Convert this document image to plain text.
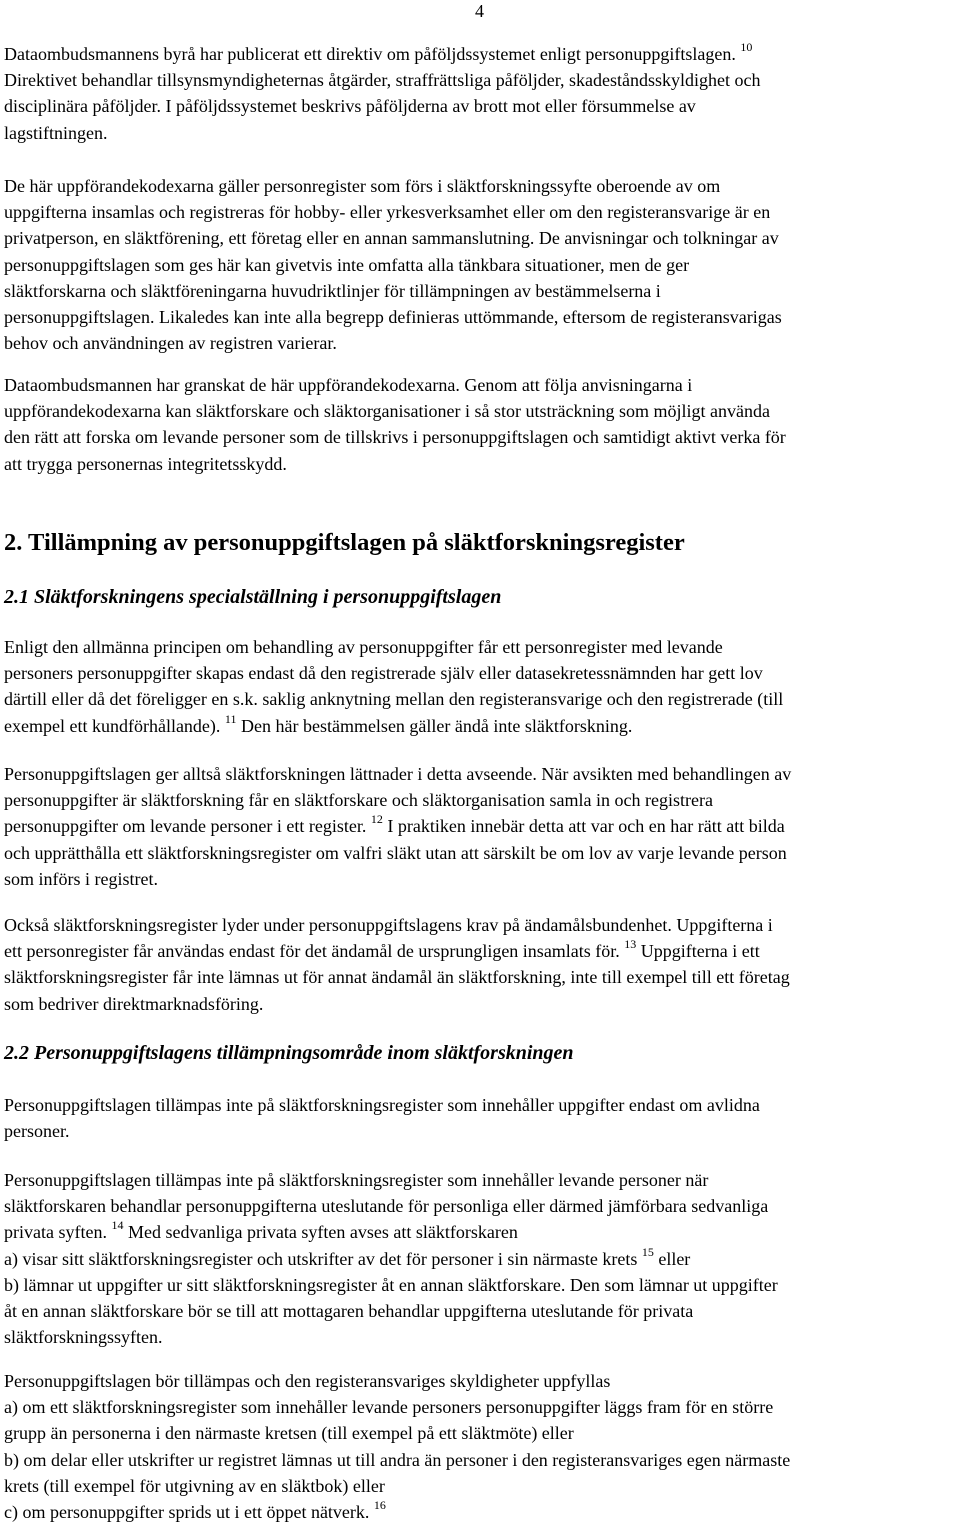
4
Dataombudsmannens byrå har publicerat ett direktiv om påföljdssystemet enligt personuppgiftslagen. $^{10}$
Direktivet behandlar tillsynsmyndigheternas åtgärder, straffrättsliga påföljder, skadeståndsskyldighet och
disciplinära påföljder. I påföljdssystemet beskrivs påföljderna av brott mot eller försummelse av
lagstiftningen.
De här uppförandekodexarna gäller personregister som förs i släktforskningssyfte oberoende av om
uppgifterna insamlas och registreras för hobby- eller yrkesverksamhet eller om den registeransvarige är en
privatperson, en släktförening, ett företag eller en annan sammanslutning. De anvisningar och tolkningar av
personuppgiftslagen som ges här kan givetvis inte omfatta alla tänkbara situationer, men de ger
släktforskarna och släktföreningarna huvudriktlinjer för tillämpningen av bestämmelserna i
personuppgiftslagen. Likaledes kan inte alla begrepp definieras uttömmande, eftersom de registeransvarigas
behov och användningen av registren varierar.
Dataombudsmannen har granskat de här uppförandekodexarna. Genom att följa anvisningarna i
uppförandekodexarna kan släktforskare och släktorganisationer i så stor utsträckning som möjligt använda
den rätt att forska om levande personer som de tillskrivs i personuppgiftslagen och samtidigt aktivt verka för
att trygga personernas integritetsskydd.
2. Tillämpning av personuppgiftslagen på släktforskningsregister
2.1 Släktforskningens specialställning i personuppgiftslagen
Enligt den allmänna principen om behandling av personuppgifter får ett personregister med levande
personers personuppgifter skapas endast då den registrerade själv eller datasekretessnämnden har gett lov
därtill eller då det föreligger en s.k. saklig anknytning mellan den registeransvarige och den registrerade (till
exempel ett kundförhållande). $^{11}$ Den här bestämmelsen gäller ändå inte släktforskning.
Personuppgiftslagen ger alltså släktforskningen lättnader i detta avseende. När avsikten med behandlingen av
personuppgifter är släktforskning får en släktforskare och släktorganisation samla in och registrera
personuppgifter om levande personer i ett register. $^{12}$ I praktiken innebär detta att var och en har rätt att bilda
och upprätthålla ett släktforskningsregister om valfri släkt utan att särskilt be om lov av varje levande person
som införs i registret.
Också släktforskningsregister lyder under personuppgiftslagens krav på ändamålsbundenhet. Uppgifterna i
ett personregister får användas endast för det ändamål de ursprungligen insamlats för. $^{13}$ Uppgifterna i ett
släktforskningsregister får inte lämnas ut för annat ändamål än släktforskning, inte till exempel till ett företag
som bedriver direktmarknadsföring.
2.2 Personuppgiftslagens tillämpningsområde inom släktforskningen
Personuppgiftslagen tillämpas inte på släktforskningsregister som innehåller uppgifter endast om avlidna
personer.
Personuppgiftslagen tillämpas inte på släktforskningsregister som innehåller levande personer när
släktforskaren behandlar personuppgifterna uteslutande för personliga eller därmed jämförbara sedvanliga
privata syften. $^{14}$ Med sedvanliga privata syften avses att släktforskaren
a) visar sitt släktforskningsregister och utskrifter av det för personer i sin närmaste krets $^{15}$ eller
b) lämnar ut uppgifter ur sitt släktforskningsregister åt en annan släktforskare. Den som lämnar ut uppgifter
åt en annan släktforskare bör se till att mottagaren behandlar uppgifterna uteslutande för privata
släktforskningssyften.
Personuppgiftslagen bör tillämpas och den registeransvariges skyldigheter uppfyllas
a) om ett släktforskningsregister som innehåller levande personers personuppgifter läggs fram för en större
grupp än personerna i den närmaste kretsen (till exempel på ett släktmöte) eller
b) om delar eller utskrifter ur registret lämnas ut till andra än personer i den registeransvariges egen närmaste
krets (till exempel för utgivning av en släktbok) eller
c) om personuppgifter sprids ut i ett öppet nätverk. $^{16}$
